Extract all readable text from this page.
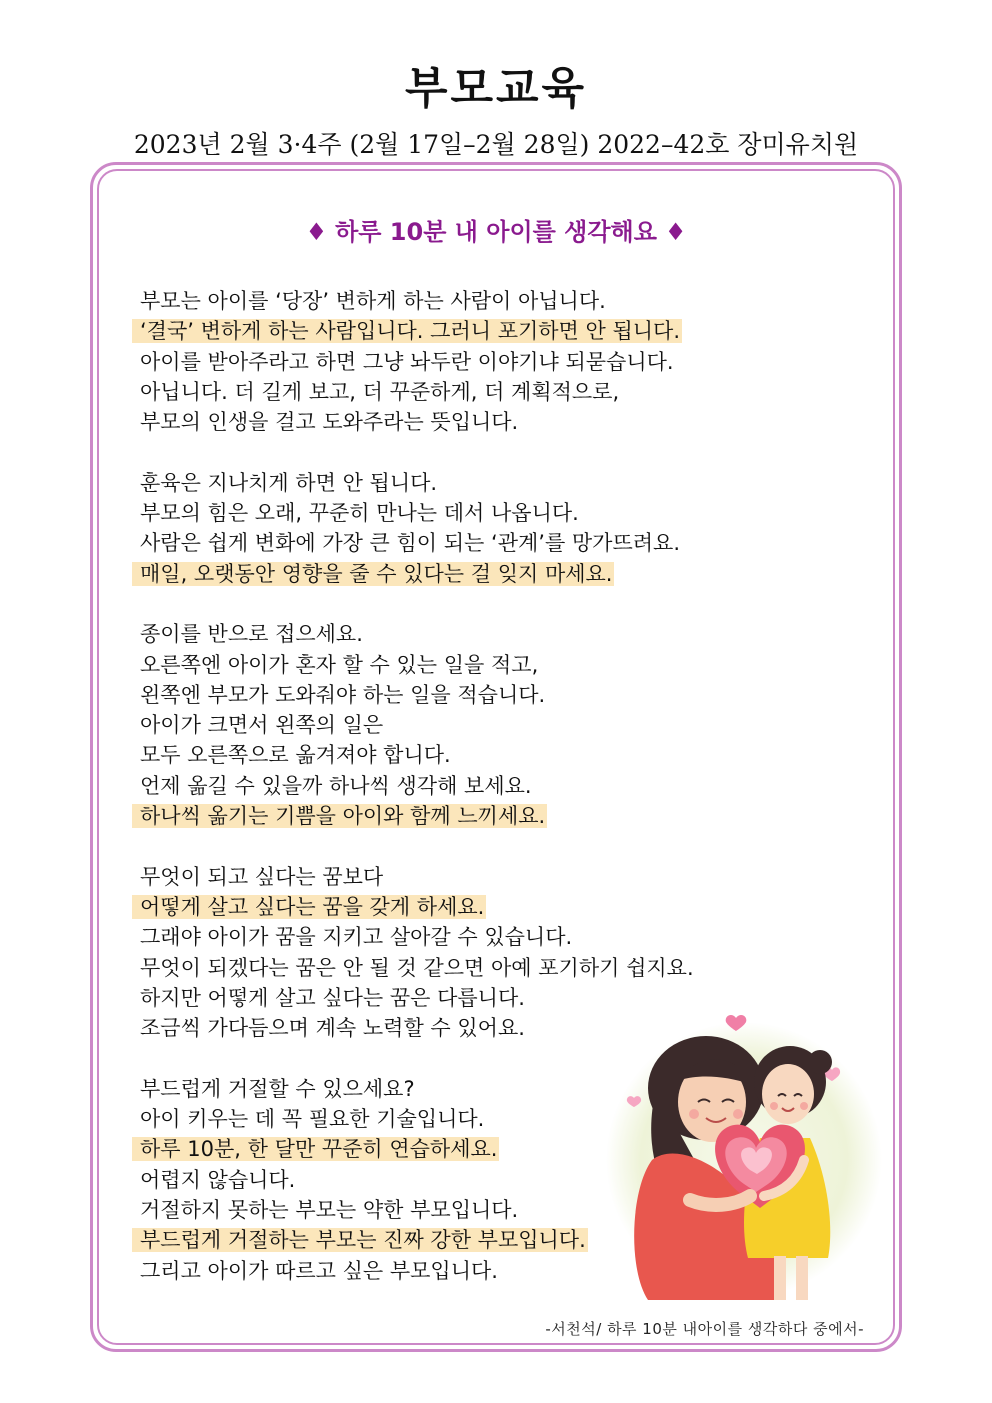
부모교육
2023년 2월 3·4주 (2월 17일–2월 28일) 2022–42호 장미유치원
♦ 하루 10분 내 아이를 생각해요 ♦
부모는 아이를 ‘당장’ 변하게 하는 사람이 아닙니다.
‘결국’ 변하게 하는 사람입니다. 그러니 포기하면 안 됩니다.
아이를 받아주라고 하면 그냥 놔두란 이야기냐 되묻습니다.
아닙니다. 더 길게 보고, 더 꾸준하게, 더 계획적으로,
부모의 인생을 걸고 도와주라는 뜻입니다.
훈육은 지나치게 하면 안 됩니다.
부모의 힘은 오래, 꾸준히 만나는 데서 나옵니다.
사람은 쉽게 변화에 가장 큰 힘이 되는 ‘관계’를 망가뜨려요.
매일, 오랫동안 영향을 줄 수 있다는 걸 잊지 마세요.
종이를 반으로 접으세요.
오른쪽엔 아이가 혼자 할 수 있는 일을 적고,
왼쪽엔 부모가 도와줘야 하는 일을 적습니다.
아이가 크면서 왼쪽의 일은
모두 오른쪽으로 옮겨져야 합니다.
언제 옮길 수 있을까 하나씩 생각해 보세요.
하나씩 옮기는 기쁨을 아이와 함께 느끼세요.
무엇이 되고 싶다는 꿈보다
어떻게 살고 싶다는 꿈을 갖게 하세요.
그래야 아이가 꿈을 지키고 살아갈 수 있습니다.
무엇이 되겠다는 꿈은 안 될 것 같으면 아예 포기하기 쉽지요.
하지만 어떻게 살고 싶다는 꿈은 다릅니다.
조금씩 가다듬으며 계속 노력할 수 있어요.
부드럽게 거절할 수 있으세요?
아이 키우는 데 꼭 필요한 기술입니다.
하루 10분, 한 달만 꾸준히 연습하세요.
어렵지 않습니다.
거절하지 못하는 부모는 약한 부모입니다.
부드럽게 거절하는 부모는 진짜 강한 부모입니다.
그리고 아이가 따르고 싶은 부모입니다.
-서천석/ 하루 10분 내아이를 생각하다 중에서-
